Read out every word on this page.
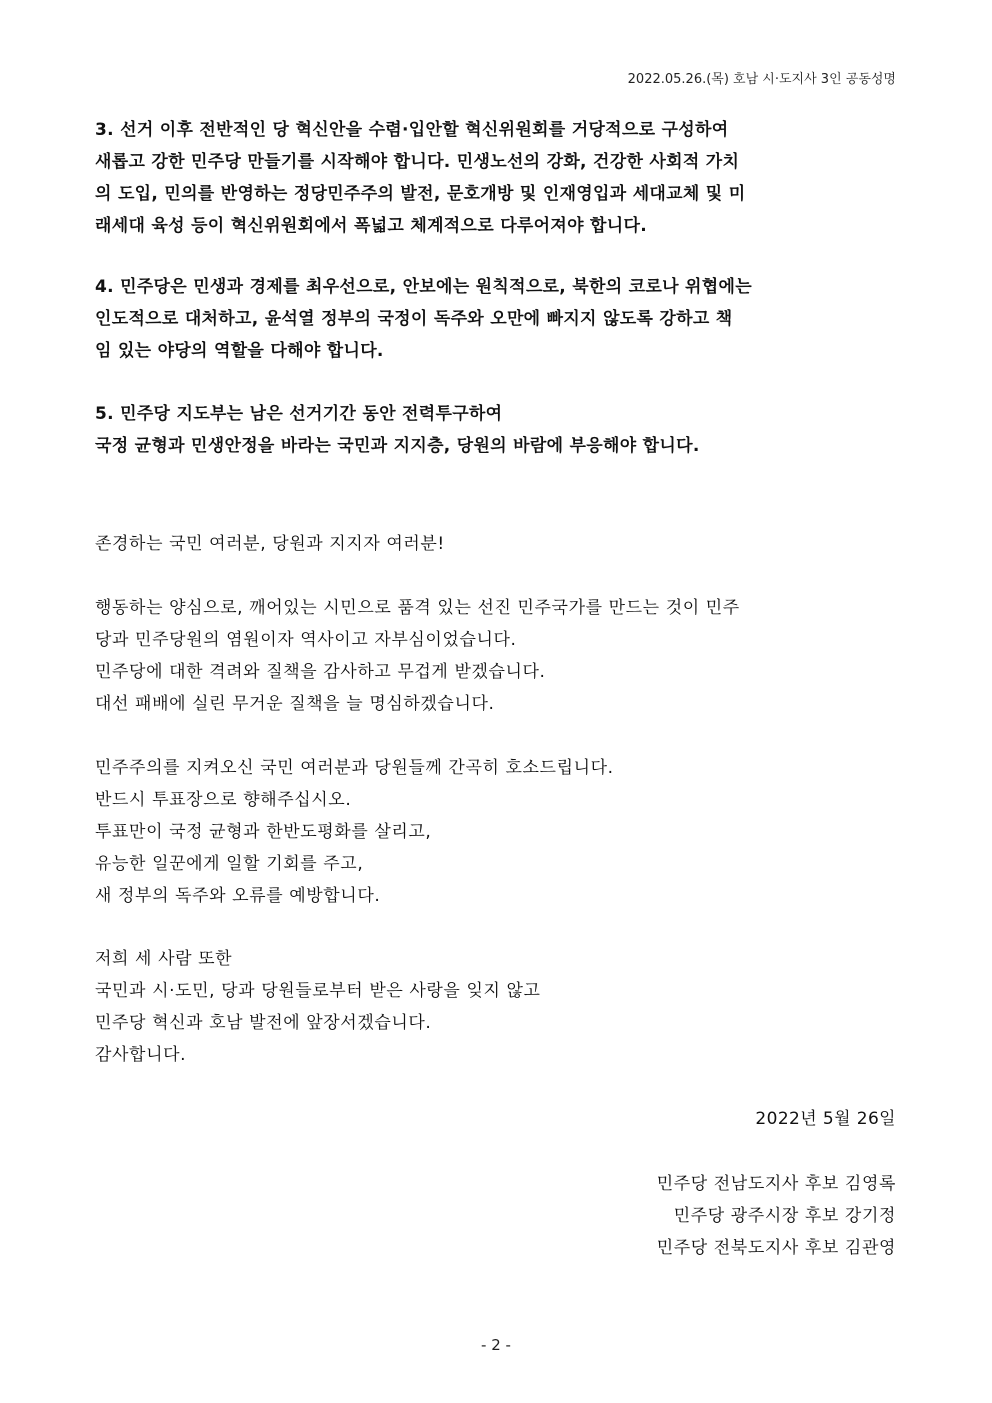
2022.05.26.(목) 호남 시·도지사 3인 공동성명
3. 선거 이후 전반적인 당 혁신안을 수렴·입안할 혁신위원회를 거당적으로 구성하여
새롭고 강한 민주당 만들기를 시작해야 합니다. 민생노선의 강화, 건강한 사회적 가치
의 도입, 민의를 반영하는 정당민주주의 발전, 문호개방 및 인재영입과 세대교체 및 미
래세대 육성 등이 혁신위원회에서 폭넓고 체계적으로 다루어져야 합니다.
4. 민주당은 민생과 경제를 최우선으로, 안보에는 원칙적으로, 북한의 코로나 위협에는
인도적으로 대처하고, 윤석열 정부의 국정이 독주와 오만에 빠지지 않도록 강하고 책
임 있는 야당의 역할을 다해야 합니다.
5. 민주당 지도부는 남은 선거기간 동안 전력투구하여
국정 균형과 민생안정을 바라는 국민과 지지층, 당원의 바람에 부응해야 합니다.
존경하는 국민 여러분, 당원과 지지자 여러분!
행동하는 양심으로, 깨어있는 시민으로 품격 있는 선진 민주국가를 만드는 것이 민주
당과 민주당원의 염원이자 역사이고 자부심이었습니다.
민주당에 대한 격려와 질책을 감사하고 무겁게 받겠습니다.
대선 패배에 실린 무거운 질책을 늘 명심하겠습니다.
민주주의를 지켜오신 국민 여러분과 당원들께 간곡히 호소드립니다.
반드시 투표장으로 향해주십시오.
투표만이 국정 균형과 한반도평화를 살리고,
유능한 일꾼에게 일할 기회를 주고,
새 정부의 독주와 오류를 예방합니다.
저희 세 사람 또한
국민과 시·도민, 당과 당원들로부터 받은 사랑을 잊지 않고
민주당 혁신과 호남 발전에 앞장서겠습니다.
감사합니다.
2022년 5월 26일
민주당 전남도지사 후보 김영록
민주당 광주시장 후보 강기정
민주당 전북도지사 후보 김관영
- 2 -
